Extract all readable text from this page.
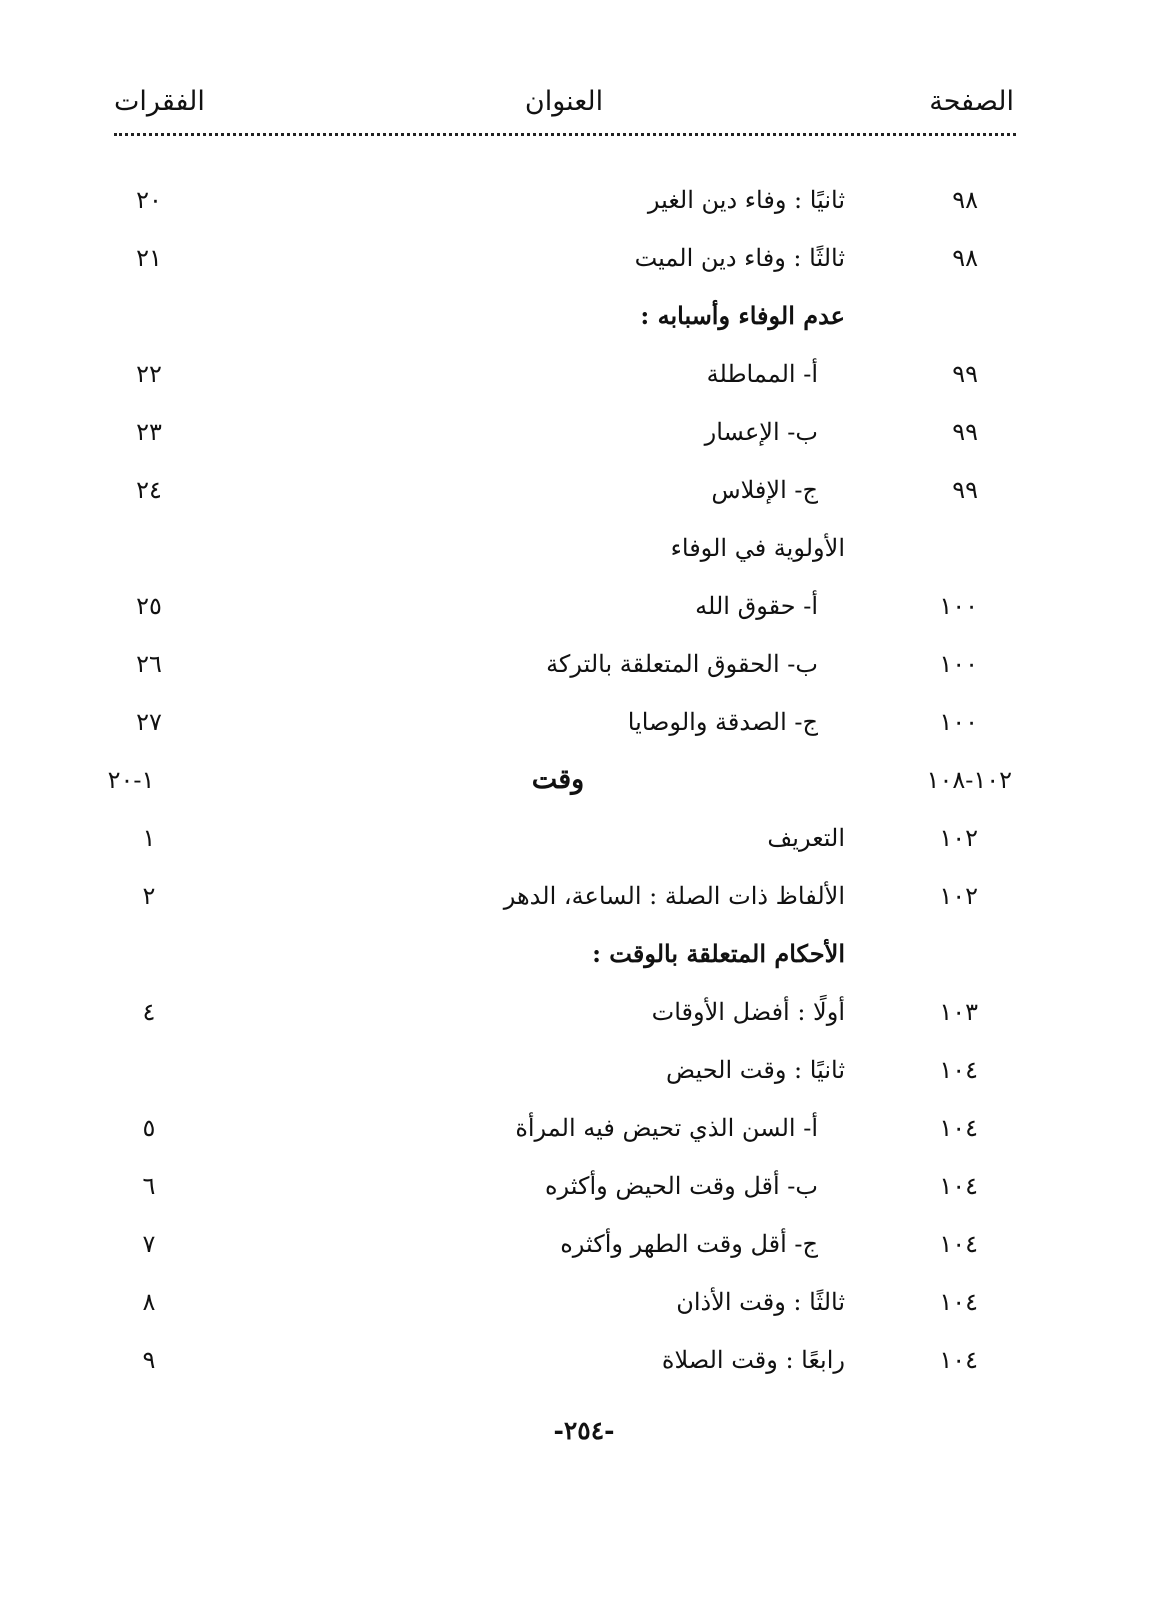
الصفحة
العنوان
الفقرات
٩٨
ثانيًا : وفاء دين الغير
٢٠
٩٨
ثالثًا : وفاء دين الميت
٢١
عدم الوفاء وأسبابه :
٩٩
أ- المماطلة
٢٢
٩٩
ب- الإعسار
٢٣
٩٩
ج- الإفلاس
٢٤
الأولوية في الوفاء
١٠٠
أ- حقوق الله
٢٥
١٠٠
ب- الحقوق المتعلقة بالتركة
٢٦
١٠٠
ج- الصدقة والوصايا
٢٧
١٠٢-١٠٨
وقت
١-٢٠
١٠٢
التعريف
١
١٠٢
الألفاظ ذات الصلة : الساعة، الدهر
٢
الأحكام المتعلقة بالوقت :
١٠٣
أولًا : أفضل الأوقات
٤
١٠٤
ثانيًا : وقت الحيض
١٠٤
أ- السن الذي تحيض فيه المرأة
٥
١٠٤
ب- أقل وقت الحيض وأكثره
٦
١٠٤
ج- أقل وقت الطهر وأكثره
٧
١٠٤
ثالثًا : وقت الأذان
٨
١٠٤
رابعًا : وقت الصلاة
٩
-٢٥٤-
